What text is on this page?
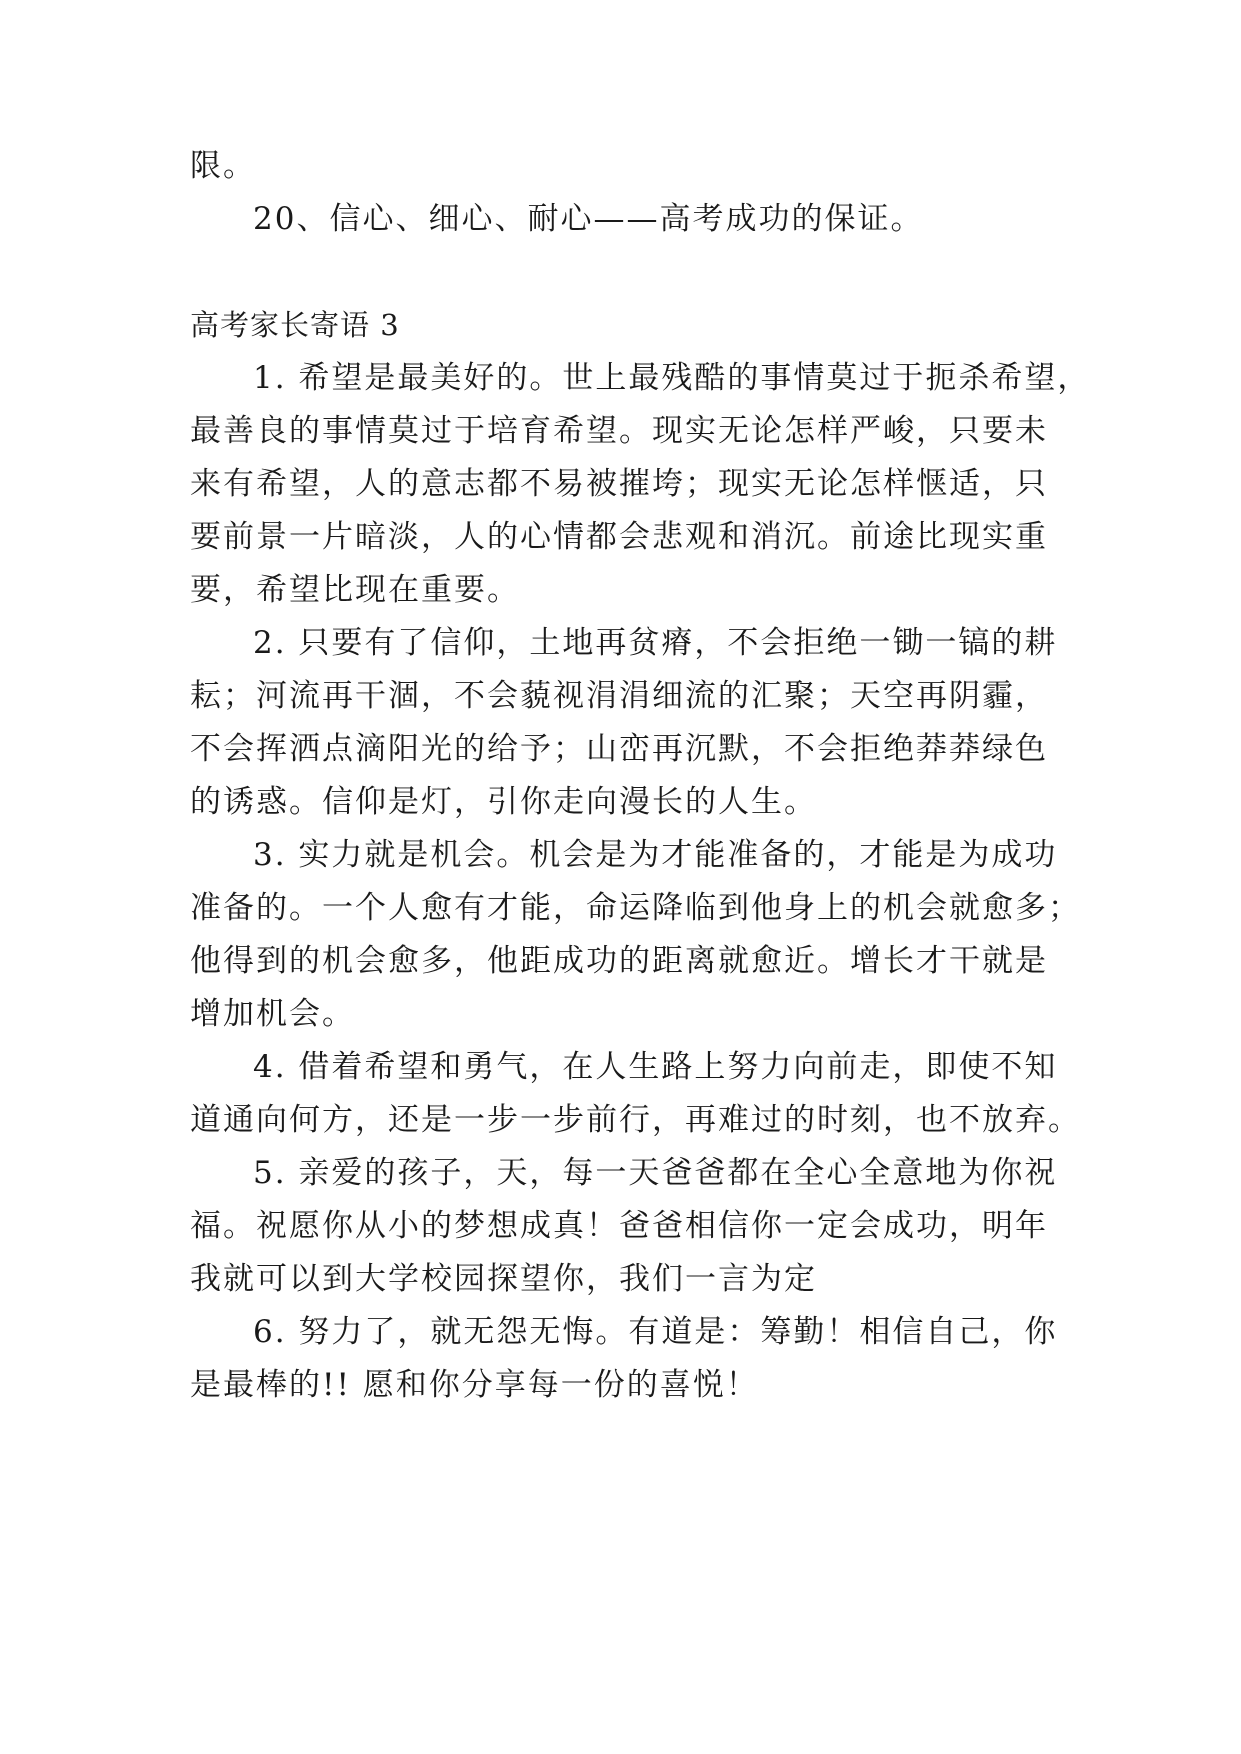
限。
20、信心、细心、耐心——高考成功的保证。
高考家长寄语 3
1. 希望是最美好的。世上最残酷的事情莫过于扼杀希望，
最善良的事情莫过于培育希望。现实无论怎样严峻，只要未
来有希望，人的意志都不易被摧垮；现实无论怎样惬适，只
要前景一片暗淡，人的心情都会悲观和消沉。前途比现实重
要，希望比现在重要。
2. 只要有了信仰，土地再贫瘠，不会拒绝一锄一镐的耕
耘；河流再干涸，不会藐视涓涓细流的汇聚；天空再阴霾，
不会挥洒点滴阳光的给予；山峦再沉默，不会拒绝莽莽绿色
的诱惑。信仰是灯，引你走向漫长的人生。
3. 实力就是机会。机会是为才能准备的，才能是为成功
准备的。一个人愈有才能，命运降临到他身上的机会就愈多；
他得到的机会愈多，他距成功的距离就愈近。增长才干就是
增加机会。
4. 借着希望和勇气，在人生路上努力向前走，即使不知
道通向何方，还是一步一步前行，再难过的时刻，也不放弃。
5. 亲爱的孩子，天，每一天爸爸都在全心全意地为你祝
福。祝愿你从小的梦想成真！爸爸相信你一定会成功，明年
我就可以到大学校园探望你，我们一言为定
6. 努力了，就无怨无悔。有道是：筹勤！相信自己，你
是最棒的!! 愿和你分享每一份的喜悦！
